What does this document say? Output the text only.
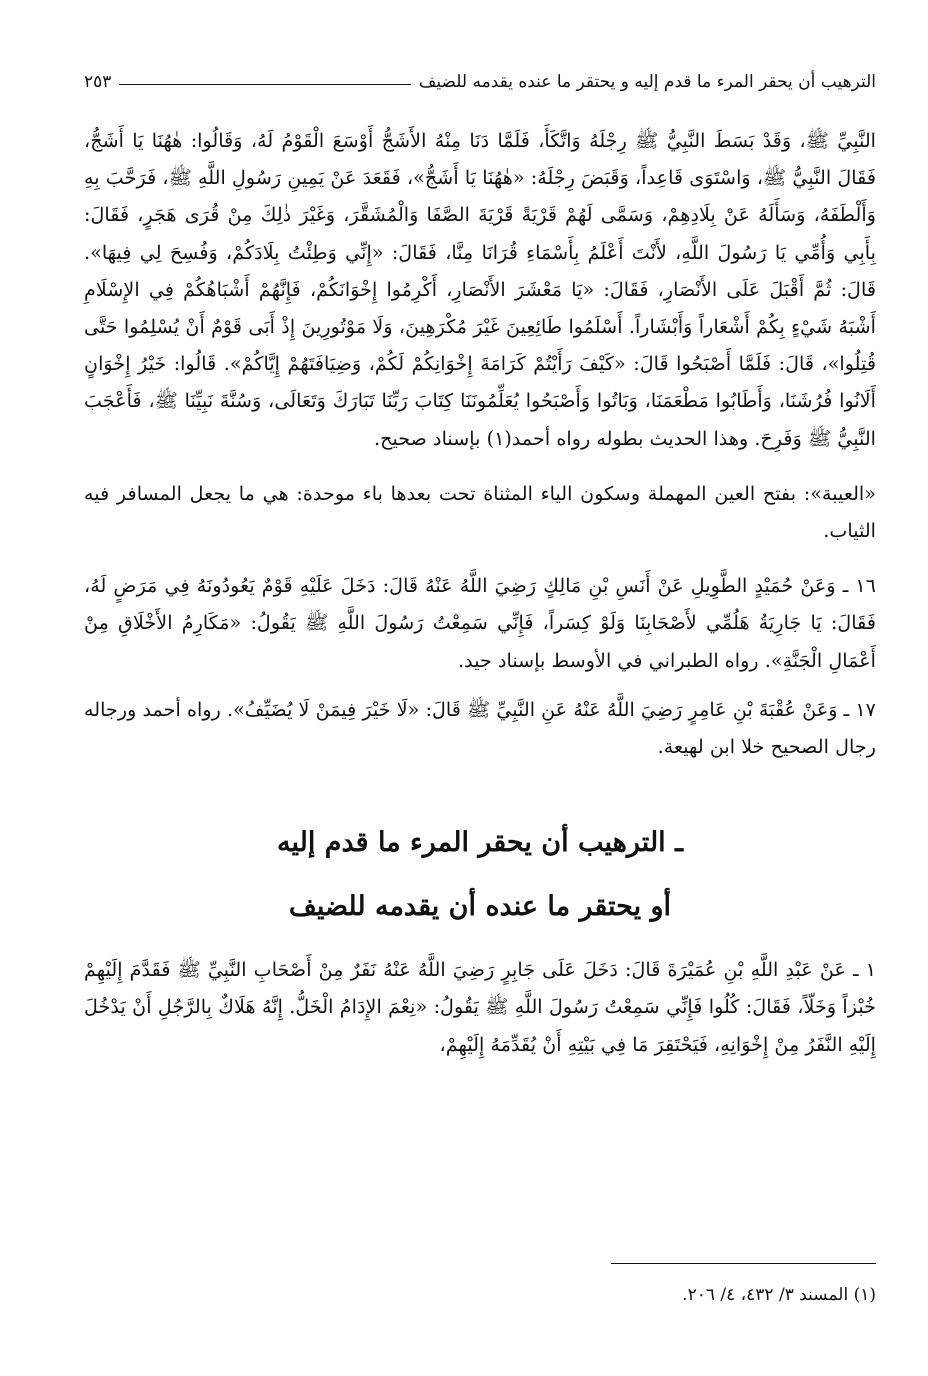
الترهيب أن يحقر المرء ما قدم إليه و يحتقر ما عنده يقدمه للضيف
٢٥٣

النَّبِيِّ ﷺ، وَقَدْ بَسَطَ النَّبِيُّ ﷺ رِجْلَهُ وَاتَّكَأَ، فَلَمَّا دَنَا مِنْهُ الأَشَجُّ أَوْسَعَ الْقَوْمُ لَهُ، وَقَالُوا: هٰهُنَا يَا أَشَجُّ، فَقَالَ النَّبِيُّ ﷺ، وَاسْتَوَى قَاعِداً، وَقَبَضَ رِجْلَهُ: «هٰهُنَا يَا أَشَجُّ»، فَقَعَدَ عَنْ يَمِينِ رَسُولِ اللَّهِ ﷺ، فَرَحَّبَ بِهِ وَأَلْطَفَهُ، وَسَأَلَهُ عَنْ بِلَادِهِمْ، وَسَمَّى لَهُمْ قَرْيَةً قَرْيَةَ الصَّفَا وَالْمُشَقَّرَ، وَغَيْرَ ذٰلِكَ مِنْ قُرَى هَجَرٍ، فَقَالَ: بِأَبِي وَأُمِّي يَا رَسُولَ اللَّهِ، لأَنْتَ أَعْلَمُ بِأَسْمَاءِ قُرَانَا مِنَّا، فَقَالَ: «إِنِّي وَطِئْتُ بِلَادَكُمْ، وَفُسِحَ لِي فِيهَا». قَالَ: ثُمَّ أَقْبَلَ عَلَى الأَنْصَارِ، فَقَالَ: «يَا مَعْشَرَ الأَنْصَارِ، أَكْرِمُوا إِخْوَانَكُمْ، فَإِنَّهُمْ أَشْبَاهُكُمْ فِي الإِسْلَامِ أَشْبَهُ شَيْءٍ بِكُمْ أَشْعَاراً وَأَبْشَاراً. أَسْلَمُوا طَائِعِينَ غَيْرَ مُكْرَهِينَ، وَلَا مَوْتُورِينَ إِذْ أَبَى قَوْمٌ أَنْ يُسْلِمُوا حَتَّى قُتِلُوا»، قَالَ: فَلَمَّا أَصْبَحُوا قَالَ: «كَيْفَ رَأَيْتُمْ كَرَامَةَ إِخْوَانِكُمْ لَكُمْ، وَضِيَافَتَهُمْ إِيَّاكُمْ». قَالُوا: خَيْرُ إِخْوَانٍ أَلَانُوا فُرُشَنَا، وَأَطَابُوا مَطْعَمَنَا، وَبَاتُوا وَأَصْبَحُوا يُعَلِّمُونَنَا كِتَابَ رَبِّنَا تَبَارَكَ وَتَعَالَى، وَسُنَّةَ نَبِيِّنَا ﷺ، فَأَعْجَبَ النَّبِيُّ ﷺ وَفَرِحَ. وهذا الحديث بطوله رواه أحمد(١) بإسناد صحيح.

«العيبة»: بفتح العين المهملة وسكون الياء المثناة تحت بعدها باء موحدة: هي ما يجعل المسافر فيه الثياب.

١٦ ـ وَعَنْ حُمَيْدٍ الطَّوِيلِ عَنْ أَنَسِ بْنِ مَالِكٍ رَضِيَ اللَّهُ عَنْهُ قَالَ: دَخَلَ عَلَيْهِ قَوْمٌ يَعُودُونَهُ فِي مَرَضٍ لَهُ، فَقَالَ: يَا جَارِيَةُ هَلُمِّي لأَصْحَابِنَا وَلَوْ كِسَراً، فَإِنِّي سَمِعْتُ رَسُولَ اللَّهِ ﷺ يَقُولُ: «مَكَارِمُ الأَخْلَاقِ مِنْ أَعْمَالِ الْجَنَّةِ». رواه الطبراني في الأوسط بإسناد جيد.

١٧ ـ وَعَنْ عُقْبَةَ بْنِ عَامِرٍ رَضِيَ اللَّهُ عَنْهُ عَنِ النَّبِيِّ ﷺ قَالَ: «لَا خَيْرَ فِيمَنْ لَا يُضَيِّفُ». رواه أحمد ورجاله رجال الصحيح خلا ابن لهيعة.

ـ الترهيب أن يحقر المرء ما قدم إليه
أو يحتقر ما عنده أن يقدمه للضيف

١ ـ عَنْ عَبْدِ اللَّهِ بْنِ عُمَيْرَةَ قَالَ: دَخَلَ عَلَى جَابِرٍ رَضِيَ اللَّهُ عَنْهُ نَفَرٌ مِنْ أَصْحَابِ النَّبِيِّ ﷺ فَقَدَّمَ إِلَيْهِمْ خُبْزاً وَخَلّاً، فَقَالَ: كُلُوا فَإِنِّي سَمِعْتُ رَسُولَ اللَّهِ ﷺ يَقُولُ: «نِعْمَ الإِدَامُ الْخَلُّ. إِنَّهُ هَلَاكٌ بِالرَّجُلِ أَنْ يَدْخُلَ إِلَيْهِ النَّفَرُ مِنْ إِخْوَانِهِ، فَيَحْتَقِرَ مَا فِي بَيْتِهِ أَنْ يُقَدِّمَهُ إِلَيْهِمْ،

(١) المسند ٣/ ٤٣٢، ٤/ ٢٠٦.
